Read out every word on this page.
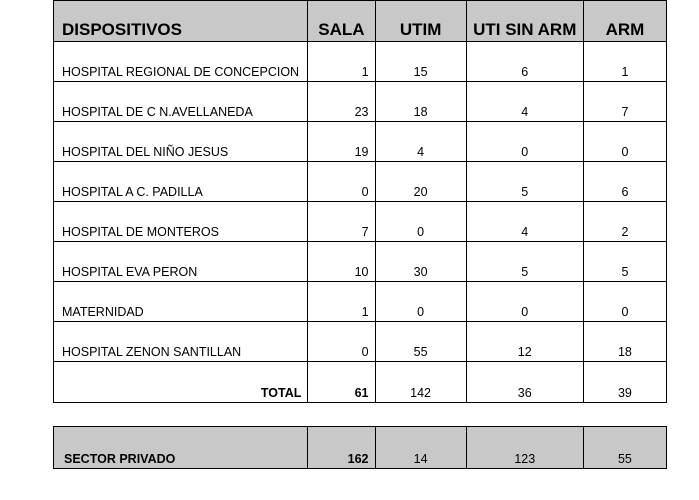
DISPOSITIVOS	SALA	UTIM	UTI SIN ARM	ARM
HOSPITAL REGIONAL DE CONCEPCION	1	15	6	1
HOSPITAL DE C N.AVELLANEDA	23	18	4	7
HOSPITAL DEL NIÑO JESUS	19	4	0	0
HOSPITAL A C. PADILLA	0	20	5	6
HOSPITAL DE MONTEROS	7	0	4	2
HOSPITAL EVA PERON	10	30	5	5
MATERNIDAD	1	0	0	0
HOSPITAL ZENON SANTILLAN	0	55	12	18
TOTAL	61	142	36	39
SECTOR PRIVADO	162	14	123	55
